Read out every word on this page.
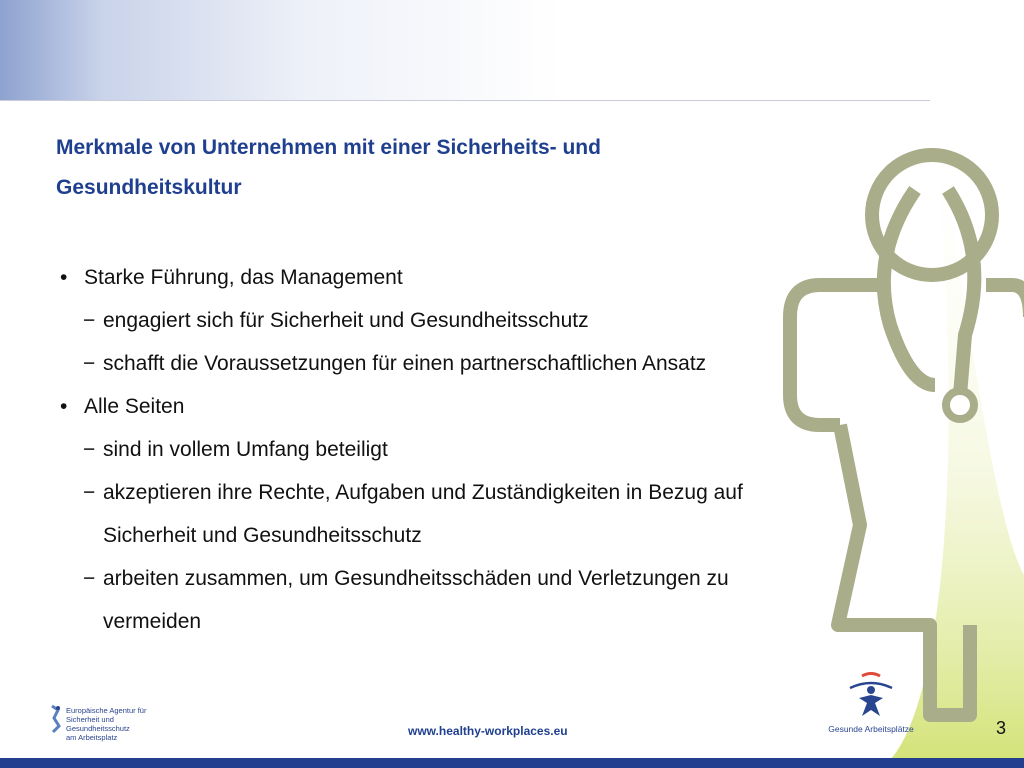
Merkmale von Unternehmen mit einer Sicherheits- und
Gesundheitskultur
• Starke Führung, das Management
− engagiert sich für Sicherheit und Gesundheitsschutz
− schafft die Voraussetzungen für einen partnerschaftlichen Ansatz
• Alle Seiten
− sind in vollem Umfang beteiligt
− akzeptieren ihre Rechte, Aufgaben und Zuständigkeiten in Bezug auf
Sicherheit und Gesundheitsschutz
− arbeiten zusammen, um Gesundheitsschäden und Verletzungen zu
vermeiden
Europäische Agentur für
Sicherheit und Gesundheitsschutz
am Arbeitsplatz	www.healthy-workplaces.eu	Gesunde Arbeitsplätze	3
